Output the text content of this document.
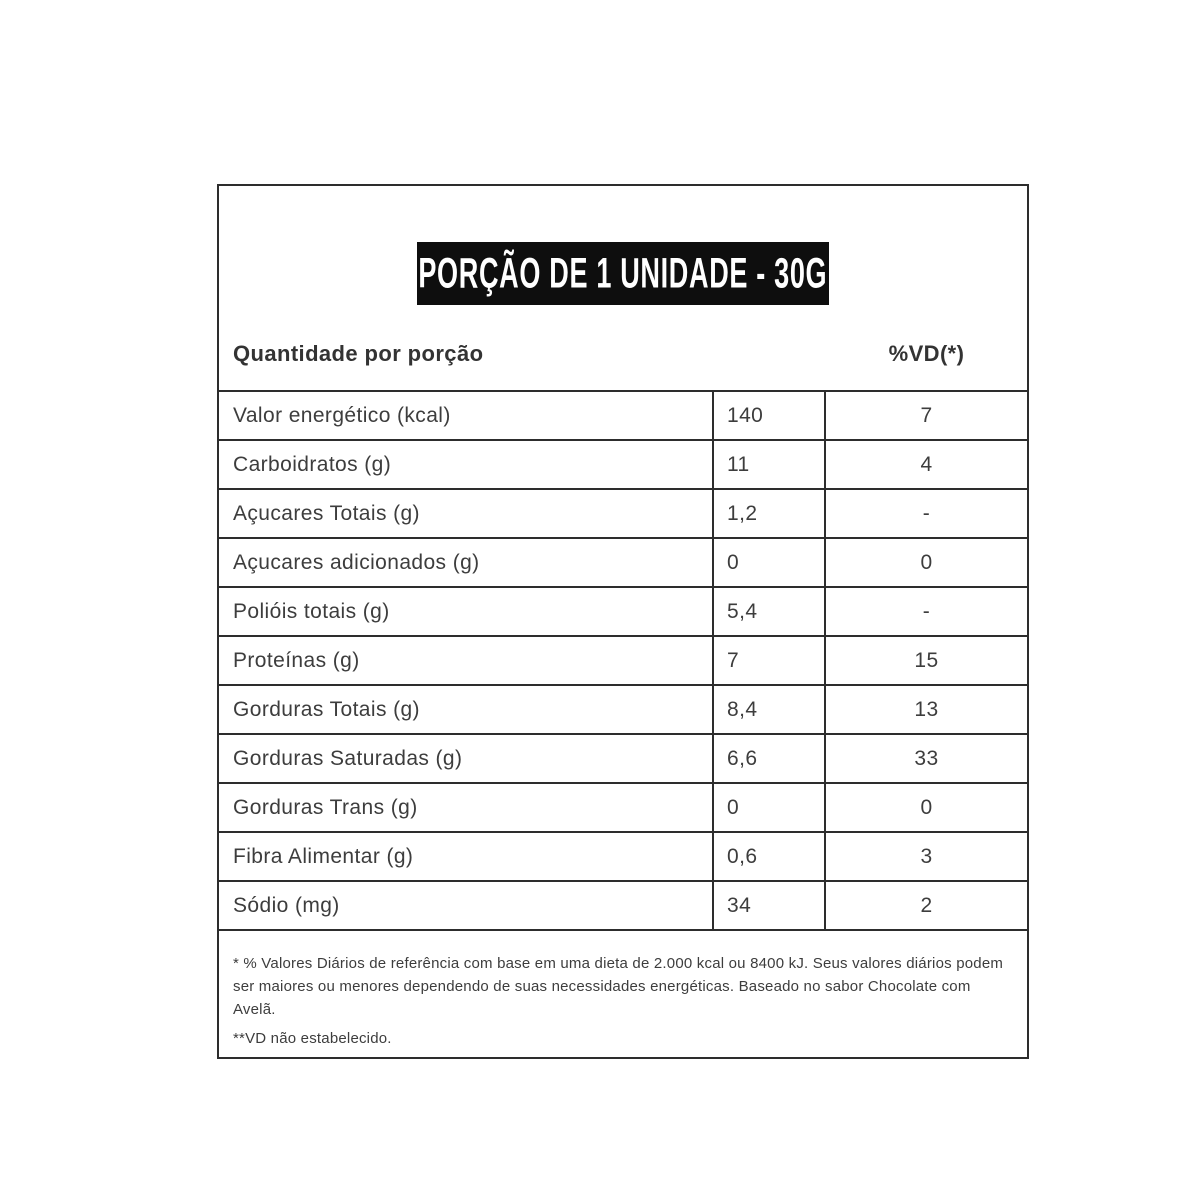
PORÇÃO DE 1 UNIDADE - 30G
Quantidade por porção	%VD(*)
Valor energético (kcal)	140	7
Carboidratos (g)	11	4
Açucares Totais (g)	1,2	-
Açucares adicionados (g)	0	0
Polióis totais (g)	5,4	-
Proteínas (g)	7	15
Gorduras Totais (g)	8,4	13
Gorduras Saturadas (g)	6,6	33
Gorduras Trans (g)	0	0
Fibra Alimentar (g)	0,6	3
Sódio (mg)	34	2

* % Valores Diários de referência com base em uma dieta de 2.000 kcal ou 8400 kJ. Seus valores diários podem ser maiores ou menores dependendo de suas necessidades energéticas. Baseado no sabor Chocolate com Avelã.

**VD não estabelecido.
